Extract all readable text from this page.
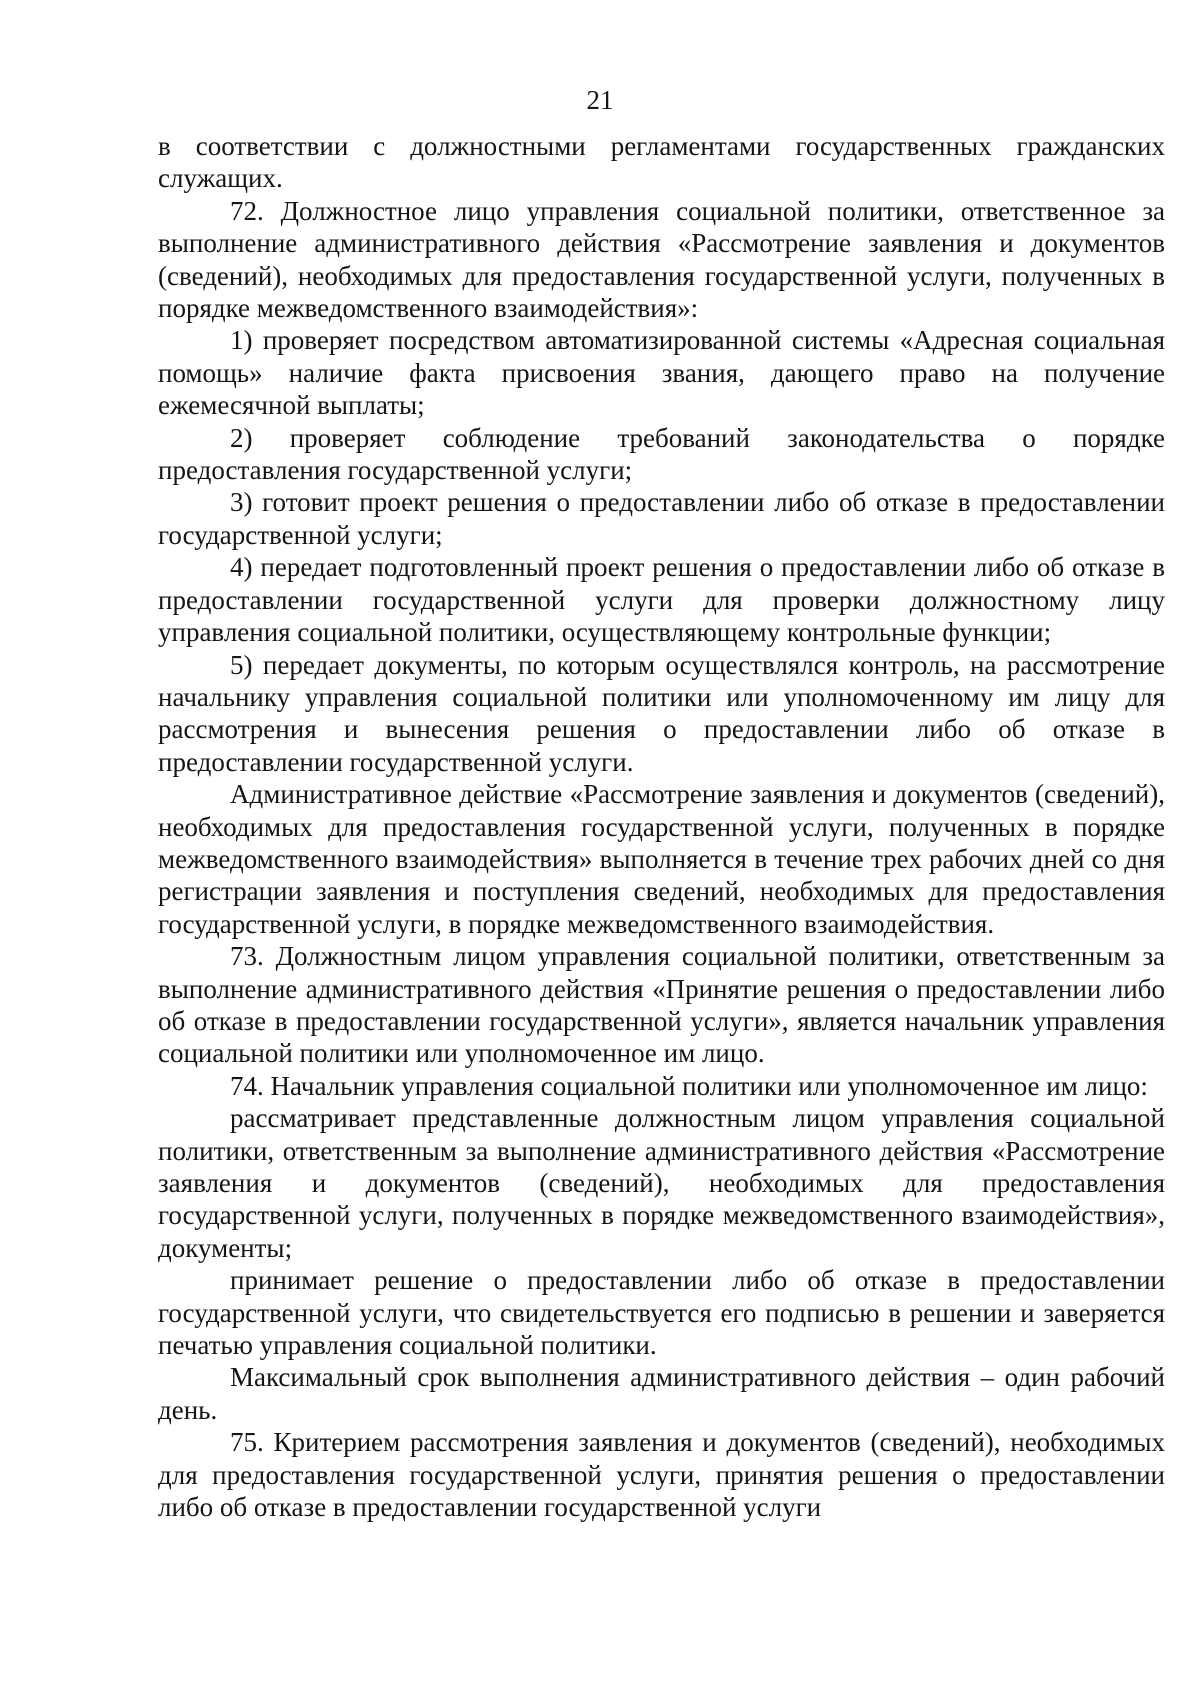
21

в соответствии с должностными регламентами государственных гражданских служащих.

72. Должностное лицо управления социальной политики, ответственное за выполнение административного действия «Рассмотрение заявления и документов (сведений), необходимых для предоставления государственной услуги, полученных в порядке межведомственного взаимодействия»:

1) проверяет посредством автоматизированной системы «Адресная социальная помощь» наличие факта присвоения звания, дающего право на получение ежемесячной выплаты;

2) проверяет соблюдение требований законодательства о порядке предоставления государственной услуги;

3) готовит проект решения о предоставлении либо об отказе в предоставлении государственной услуги;

4) передает подготовленный проект решения о предоставлении либо об отказе в предоставлении государственной услуги для проверки должностному лицу управления социальной политики, осуществляющему контрольные функции;

5) передает документы, по которым осуществлялся контроль, на рассмотрение начальнику управления социальной политики или уполномоченному им лицу для рассмотрения и вынесения решения о предоставлении либо об отказе в предоставлении государственной услуги.

Административное действие «Рассмотрение заявления и документов (сведений), необходимых для предоставления государственной услуги, полученных в порядке межведомственного взаимодействия» выполняется в течение трех рабочих дней со дня регистрации заявления и поступления сведений, необходимых для предоставления государственной услуги, в порядке межведомственного взаимодействия.

73. Должностным лицом управления социальной политики, ответственным за выполнение административного действия «Принятие решения о предоставлении либо об отказе в предоставлении государственной услуги», является начальник управления социальной политики или уполномоченное им лицо.

74. Начальник управления социальной политики или уполномоченное им лицо:

рассматривает представленные должностным лицом управления социальной политики, ответственным за выполнение административного действия «Рассмотрение заявления и документов (сведений), необходимых для предоставления государственной услуги, полученных в порядке межведомственного взаимодействия», документы;

принимает решение о предоставлении либо об отказе в предоставлении государственной услуги, что свидетельствуется его подписью в решении и заверяется печатью управления социальной политики.

Максимальный срок выполнения административного действия – один рабочий день.

75. Критерием рассмотрения заявления и документов (сведений), необходимых для предоставления государственной услуги, принятия решения о предоставлении либо об отказе в предоставлении государственной услуги
